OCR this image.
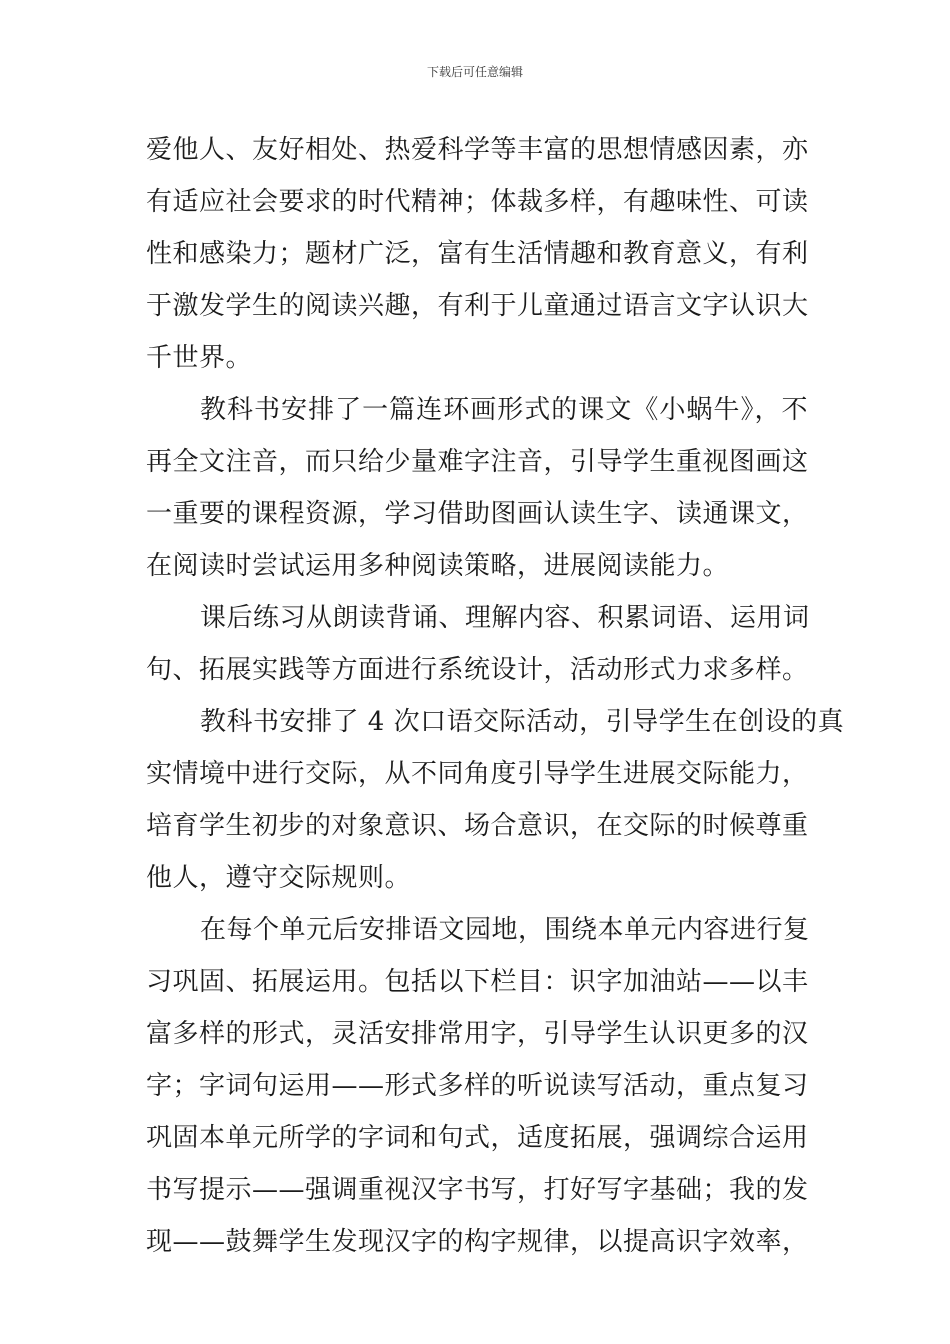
下载后可任意编辑
爱他人、友好相处、热爱科学等丰富的思想情感因素，亦
有适应社会要求的时代精神；体裁多样，有趣味性、可读
性和感染力；题材广泛，富有生活情趣和教育意义，有利
于激发学生的阅读兴趣，有利于儿童通过语言文字认识大
千世界。
教科书安排了一篇连环画形式的课文《小蜗牛》，不
再全文注音，而只给少量难字注音，引导学生重视图画这
一重要的课程资源，学习借助图画认读生字、读通课文，
在阅读时尝试运用多种阅读策略，进展阅读能力。
课后练习从朗读背诵、理解内容、积累词语、运用词
句、拓展实践等方面进行系统设计，活动形式力求多样。
教科书安排了 4 次口语交际活动，引导学生在创设的真
实情境中进行交际，从不同角度引导学生进展交际能力，
培育学生初步的对象意识、场合意识，在交际的时候尊重
他人，遵守交际规则。
在每个单元后安排语文园地，围绕本单元内容进行复
习巩固、拓展运用。包括以下栏目：识字加油站——以丰
富多样的形式，灵活安排常用字，引导学生认识更多的汉
字；字词句运用——形式多样的听说读写活动，重点复习
巩固本单元所学的字词和句式，适度拓展，强调综合运用
书写提示——强调重视汉字书写，打好写字基础；我的发
现——鼓舞学生发现汉字的构字规律，以提高识字效率，
